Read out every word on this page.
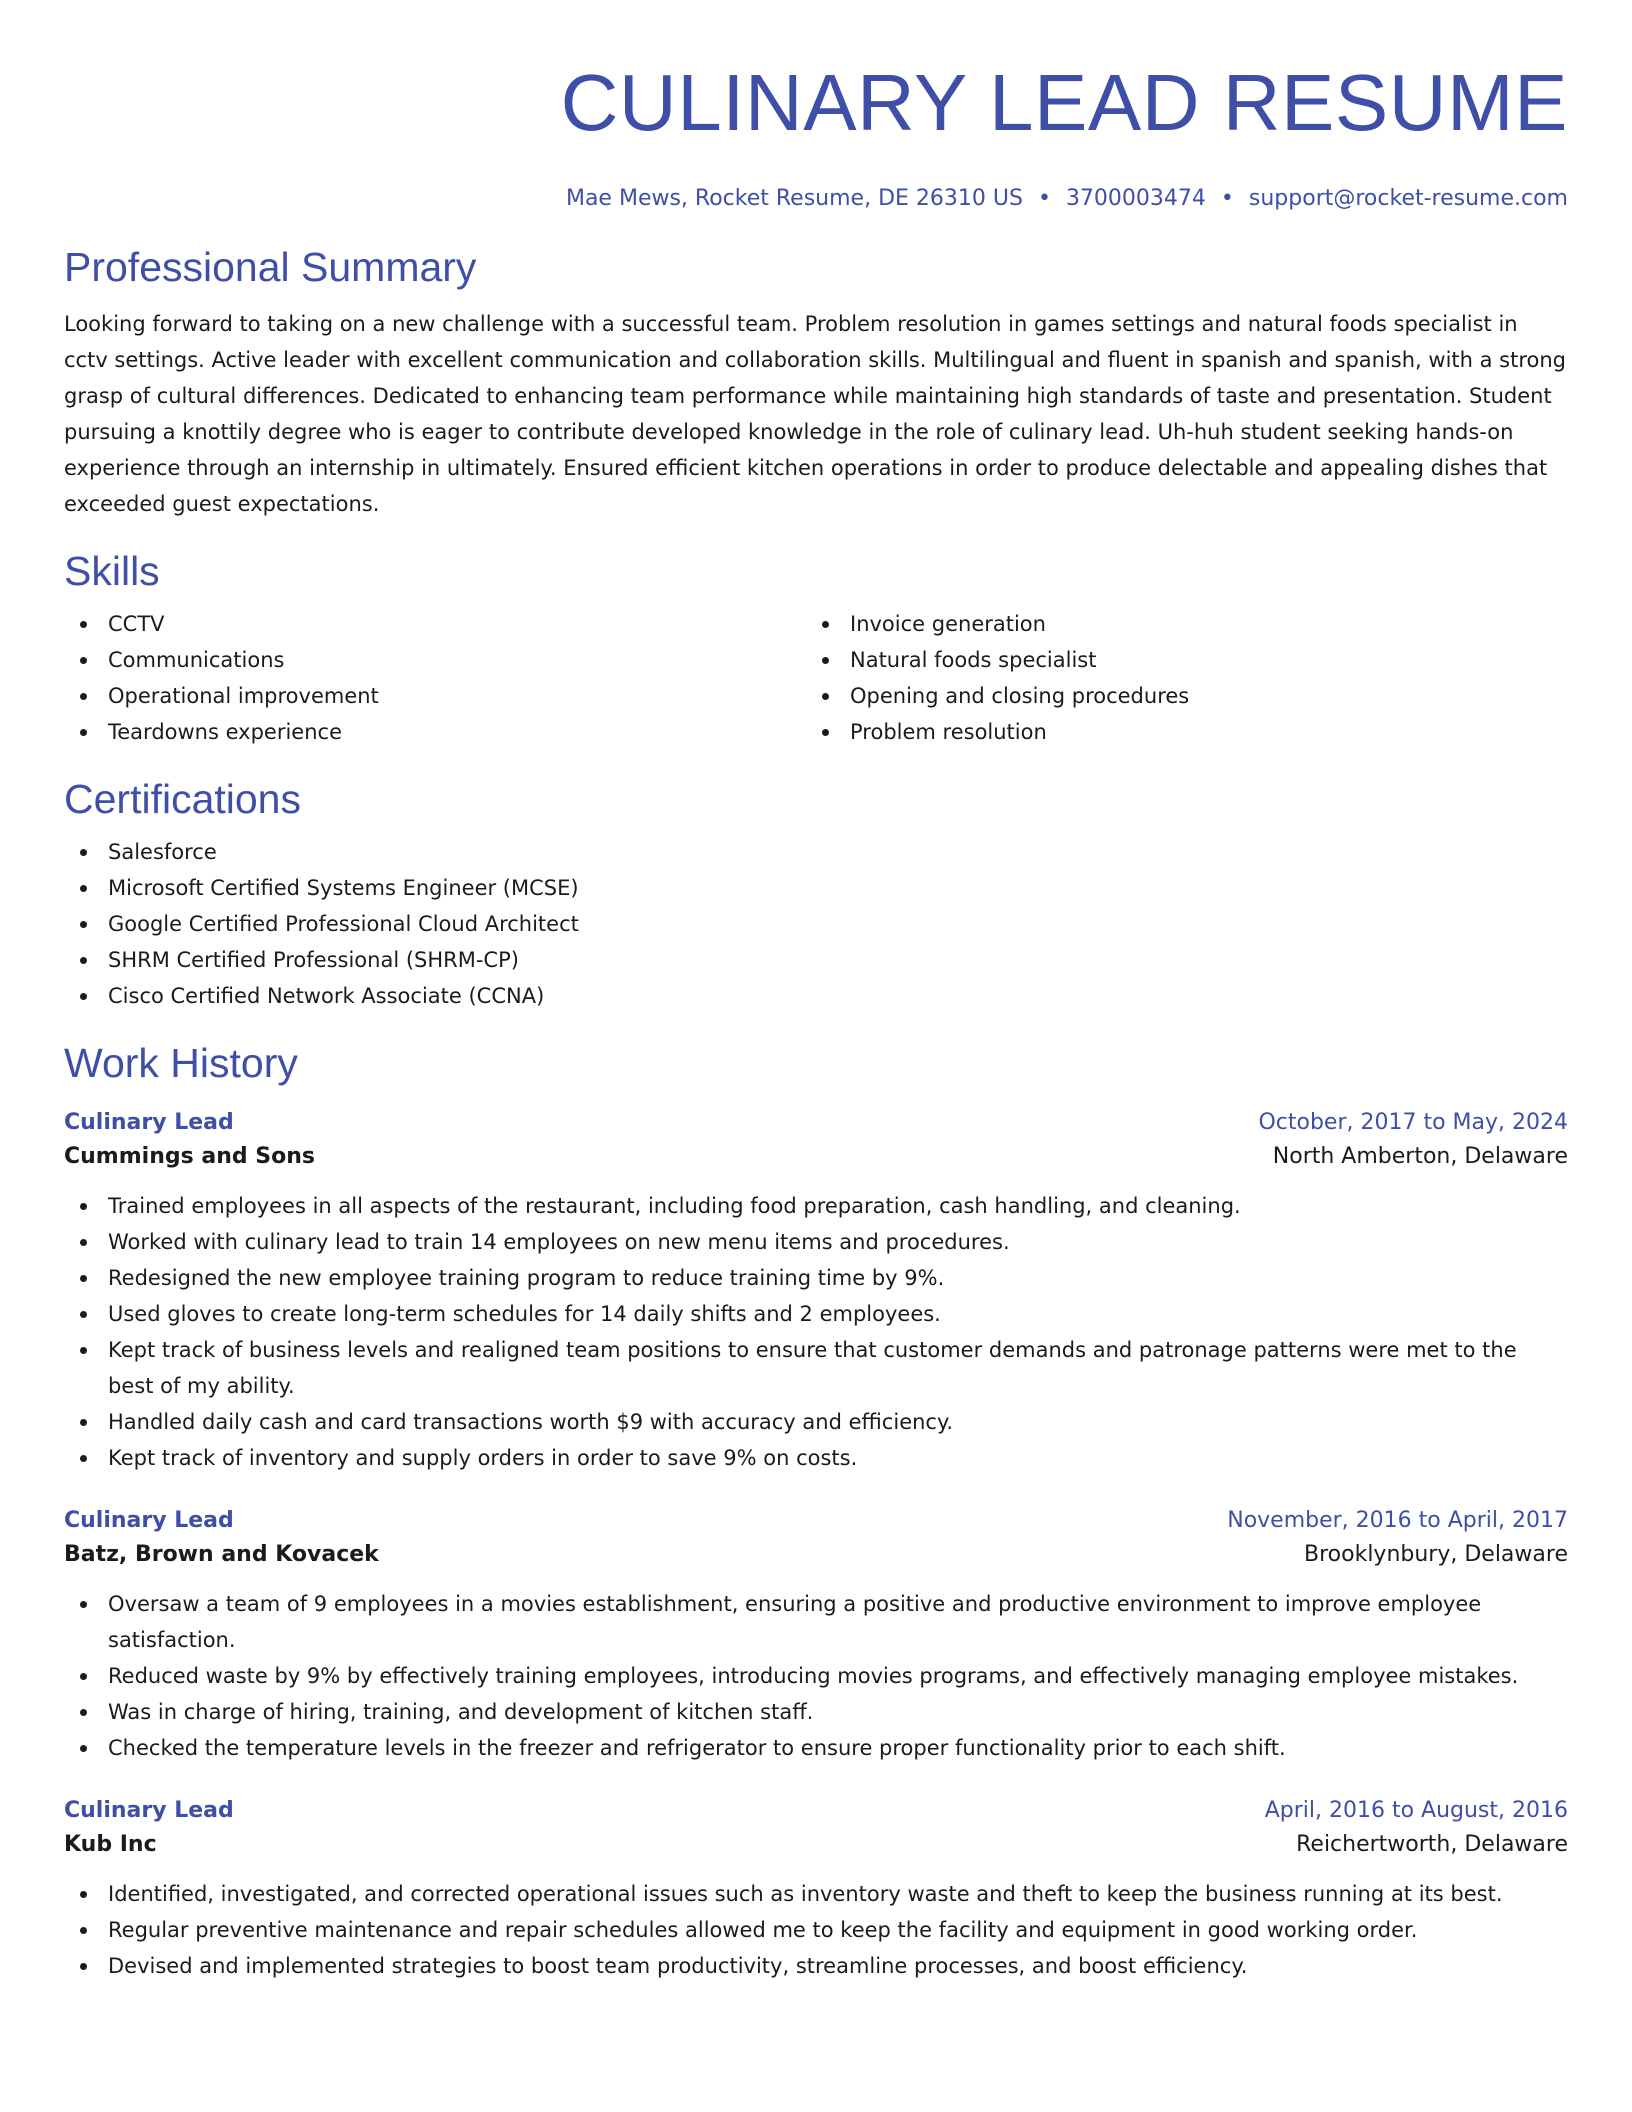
CULINARY LEAD RESUME
Mae Mews, Rocket Resume, DE 26310 US • 3700003474 • support@rocket-resume.com
Professional Summary

Looking forward to taking on a new challenge with a successful team. Problem resolution in games settings and natural foods specialist in cctv settings. Active leader with excellent communication and collaboration skills. Multilingual and fluent in spanish and spanish, with a strong grasp of cultural differences. Dedicated to enhancing team performance while maintaining high standards of taste and presentation. Student pursuing a knottily degree who is eager to contribute developed knowledge in the role of culinary lead. Uh-huh student seeking hands-on experience through an internship in ultimately. Ensured efficient kitchen operations in order to produce delectable and appealing dishes that exceeded guest expectations.

Skills
CCTV
Communications
Operational improvement
Teardowns experience
Invoice generation
Natural foods specialist
Opening and closing procedures
Problem resolution
Certifications
Salesforce
Microsoft Certified Systems Engineer (MCSE)
Google Certified Professional Cloud Architect
SHRM Certified Professional (SHRM-CP)
Cisco Certified Network Associate (CCNA)
Work History
Culinary Lead	October, 2017 to May, 2024
Cummings and Sons	North Amberton, Delaware
Trained employees in all aspects of the restaurant, including food preparation, cash handling, and cleaning.
Worked with culinary lead to train 14 employees on new menu items and procedures.
Redesigned the new employee training program to reduce training time by 9%.
Used gloves to create long-term schedules for 14 daily shifts and 2 employees.
Kept track of business levels and realigned team positions to ensure that customer demands and patronage patterns were met to the best of my ability.
Handled daily cash and card transactions worth $9 with accuracy and efficiency.
Kept track of inventory and supply orders in order to save 9% on costs.
Culinary Lead	November, 2016 to April, 2017
Batz, Brown and Kovacek	Brooklynbury, Delaware
Oversaw a team of 9 employees in a movies establishment, ensuring a positive and productive environment to improve employee satisfaction.
Reduced waste by 9% by effectively training employees, introducing movies programs, and effectively managing employee mistakes.
Was in charge of hiring, training, and development of kitchen staff.
Checked the temperature levels in the freezer and refrigerator to ensure proper functionality prior to each shift.
Culinary Lead	April, 2016 to August, 2016
Kub Inc	Reichertworth, Delaware
Identified, investigated, and corrected operational issues such as inventory waste and theft to keep the business running at its best.
Regular preventive maintenance and repair schedules allowed me to keep the facility and equipment in good working order.
Devised and implemented strategies to boost team productivity, streamline processes, and boost efficiency.
